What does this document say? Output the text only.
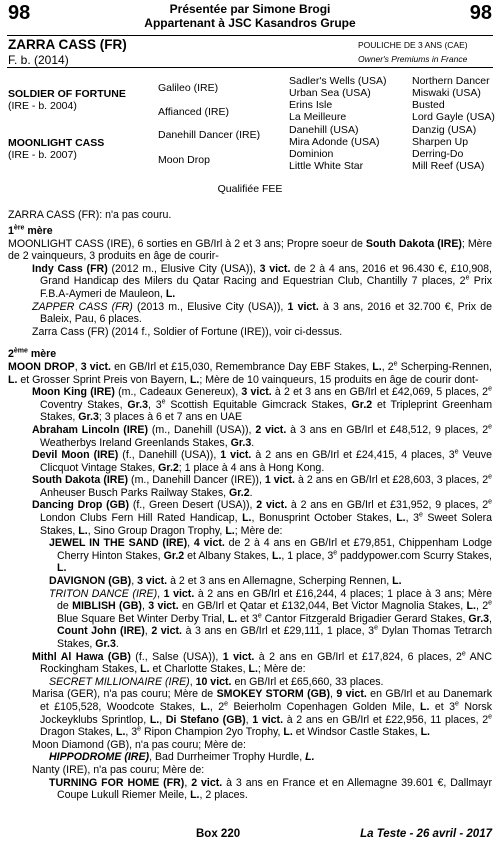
98	98
Présentée par Simone Brogi
Appartenant à JSC Kasandros Grupe
ZARRA CASS (FR)
F. b. (2014)
POULICHE DE 3 ANS (CAE)
Owner's Premiums in France
SOLDIER OF FORTUNE
(IRE - b. 2004)
MOONLIGHT CASS
(IRE - b. 2007)
Galileo (IRE)
Affianced (IRE)
Danehill Dancer (IRE)
Moon Drop
Sadler's Wells (USA)
Urban Sea (USA)
Erins Isle
La Meilleure
Danehill (USA)
Mira Adonde (USA)
Dominion
Little White Star
Northern Dancer
Miswaki (USA)
Busted
Lord Gayle (USA)
Danzig (USA)
Sharpen Up
Derring-Do
Mill Reef (USA)
Qualifiée FEE
ZARRA CASS (FR): n'a pas couru.
1ère mère
MOONLIGHT CASS (IRE), 6 sorties en GB/Irl à 2 et 3 ans; Propre soeur de South Dakota (IRE); Mère de 2 vainqueurs, 3 produits en âge de courir-
Indy Cass (FR) (2012 m., Elusive City (USA)), 3 vict. de 2 à 4 ans, 2016 et 96.430 €, £10,908, Grand Handicap des Milers du Qatar Racing and Equestrian Club, Chantilly 7 places, 2e Prix F.B.A-Aymeri de Mauleon, L.
ZAPPER CASS (FR) (2013 m., Elusive City (USA)), 1 vict. à 3 ans, 2016 et 32.700 €, Prix de Baleix, Pau, 6 places.
Zarra Cass (FR) (2014 f., Soldier of Fortune (IRE)), voir ci-dessus.
2ème mère
MOON DROP, 3 vict. en GB/Irl et £15,030, Remembrance Day EBF Stakes, L., 2e Scherping-Rennen, L. et Grosser Sprint Preis von Bayern, L.; Mère de 10 vainqueurs, 15 produits en âge de courir dont-
Moon King (IRE) (m., Cadeaux Genereux), 3 vict. à 2 et 3 ans en GB/Irl et £42,069, 5 places, 2e Coventry Stakes, Gr.3, 3e Scottish Equitable Gimcrack Stakes, Gr.2 et Tripleprint Greenham Stakes, Gr.3; 3 places à 6 et 7 ans en UAE
Abraham Lincoln (IRE) (m., Danehill (USA)), 2 vict. à 3 ans en GB/Irl et £48,512, 9 places, 2e Weatherbys Ireland Greenlands Stakes, Gr.3.
Devil Moon (IRE) (f., Danehill (USA)), 1 vict. à 2 ans en GB/Irl et £24,415, 4 places, 3e Veuve Clicquot Vintage Stakes, Gr.2; 1 place à 4 ans à Hong Kong.
South Dakota (IRE) (m., Danehill Dancer (IRE)), 1 vict. à 2 ans en GB/Irl et £28,603, 3 places, 2e Anheuser Busch Parks Railway Stakes, Gr.2.
Dancing Drop (GB) (f., Green Desert (USA)), 2 vict. à 2 ans en GB/Irl et £31,952, 9 places, 2e London Clubs Fern Hill Rated Handicap, L., Bonusprint October Stakes, L., 3e Sweet Solera Stakes, L., Sino Group Dragon Trophy, L.; Mère de:
JEWEL IN THE SAND (IRE), 4 vict. de 2 à 4 ans en GB/Irl et £79,851, Chippenham Lodge Cherry Hinton Stakes, Gr.2 et Albany Stakes, L., 1 place, 3e paddypower.com Scurry Stakes, L.
DAVIGNON (GB), 3 vict. à 2 et 3 ans en Allemagne, Scherping Rennen, L.
TRITON DANCE (IRE), 1 vict. à 2 ans en GB/Irl et £16,244, 4 places; 1 place à 3 ans; Mère de MIBLISH (GB), 3 vict. en GB/Irl et Qatar et £132,044, Bet Victor Magnolia Stakes, L., 2e Blue Square Bet Winter Derby Trial, L. et 3e Cantor Fitzgerald Brigadier Gerard Stakes, Gr.3, Count John (IRE), 2 vict. à 3 ans en GB/Irl et £29,111, 1 place, 3e Dylan Thomas Tetrarch Stakes, Gr.3.
Mithl Al Hawa (GB) (f., Salse (USA)), 1 vict. à 2 ans en GB/Irl et £17,824, 6 places, 2e ANC Rockingham Stakes, L. et Charlotte Stakes, L.; Mère de:
SECRET MILLIONAIRE (IRE), 10 vict. en GB/Irl et £65,660, 33 places.
Marisa (GER), n'a pas couru; Mère de SMOKEY STORM (GB), 9 vict. en GB/Irl et au Danemark et £105,528, Woodcote Stakes, L., 2e Beierholm Copenhagen Golden Mile, L. et 3e Norsk Jockeyklubs Sprintlop, L., Di Stefano (GB), 1 vict. à 2 ans en GB/Irl et £22,956, 11 places, 2e Dragon Stakes, L., 3e Ripon Champion 2yo Trophy, L. et Windsor Castle Stakes, L.
Moon Diamond (GB), n'a pas couru; Mère de:
HIPPODROME (IRE), Bad Durrheimer Trophy Hurdle, L.
Nanty (IRE), n'a pas couru; Mère de:
TURNING FOR HOME (FR), 2 vict. à 3 ans en France et en Allemagne 39.601 €, Dallmayr Coupe Lukull Riemer Meile, L., 2 places.
Box 220	La Teste - 26 avril - 2017
